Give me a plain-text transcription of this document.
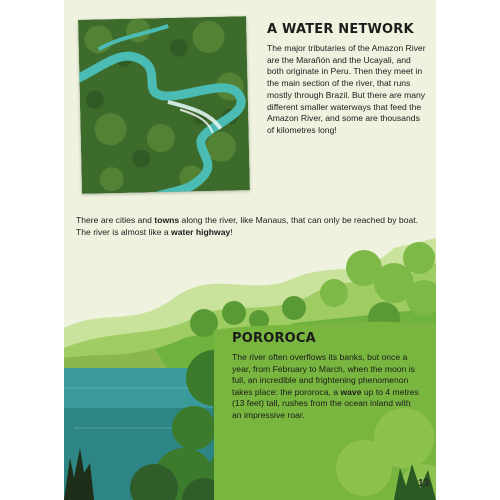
A WATER NETWORK

The major tributaries of the Amazon River are the Marañón and the Ucayali, and both originate in Peru. Then they meet in the main section of the river, that runs mostly through Brazil. But there are many different smaller waterways that feed the Amazon River, and some are thousands of kilometres long!

There are cities and towns along the river, like Manaus, that can only be reached by boat. The river is almost like a water highway!

POROROCA

The river often overflows its banks, but once a year, from February to March, when the moon is full, an incredible and frightening phenomenon takes place: the pororoca, a wave up to 4 metres (13 feet) tall, rushes from the ocean inland with an impressive roar.

13
